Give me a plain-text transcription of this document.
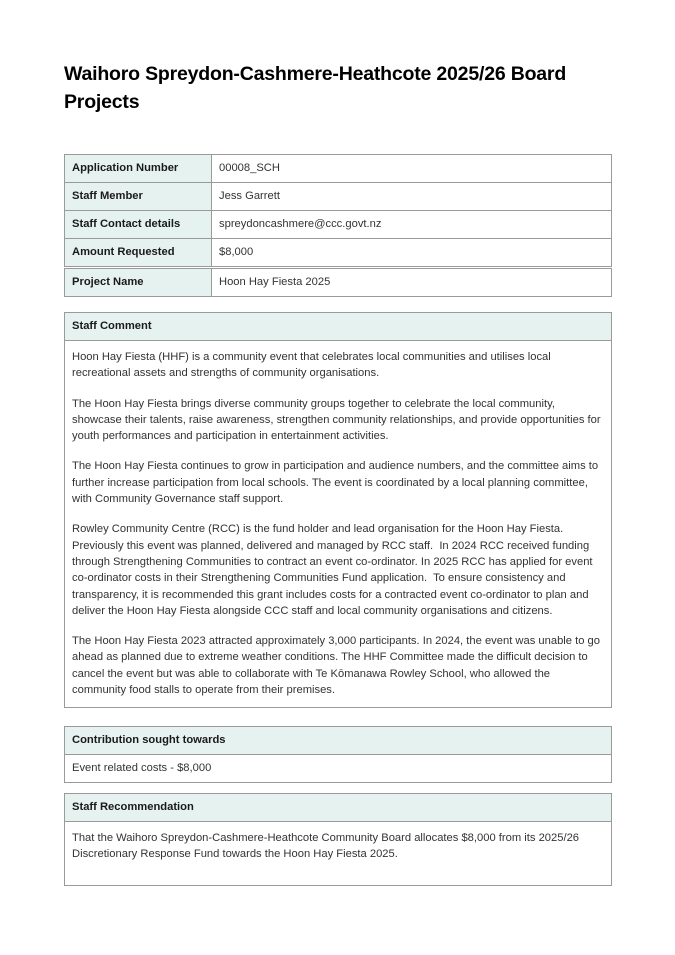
Waihoro Spreydon-Cashmere-Heathcote 2025/26 Board Projects
Application Number	00008_SCH
Staff Member	Jess Garrett
Staff Contact details	spreydoncashmere@ccc.govt.nz
Amount Requested	$8,000
Project Name	Hoon Hay Fiesta 2025
Staff Comment

Hoon Hay Fiesta (HHF) is a community event that celebrates local communities and utilises local recreational assets and strengths of community organisations.

The Hoon Hay Fiesta brings diverse community groups together to celebrate the local community, showcase their talents, raise awareness, strengthen community relationships, and provide opportunities for youth performances and participation in entertainment activities.

The Hoon Hay Fiesta continues to grow in participation and audience numbers, and the committee aims to further increase participation from local schools. The event is coordinated by a local planning committee, with Community Governance staff support.

Rowley Community Centre (RCC) is the fund holder and lead organisation for the Hoon Hay Fiesta. Previously this event was planned, delivered and managed by RCC staff.  In 2024 RCC received funding through Strengthening Communities to contract an event co-ordinator. In 2025 RCC has applied for event co-ordinator costs in their Strengthening Communities Fund application.  To ensure consistency and transparency, it is recommended this grant includes costs for a contracted event co-ordinator to plan and deliver the Hoon Hay Fiesta alongside CCC staff and local community organisations and citizens.

The Hoon Hay Fiesta 2023 attracted approximately 3,000 participants. In 2024, the event was unable to go ahead as planned due to extreme weather conditions. The HHF Committee made the difficult decision to cancel the event but was able to collaborate with Te Kōmanawa Rowley School, who allowed the community food stalls to operate from their premises.

Contribution sought towards

Event related costs - $8,000

Staff Recommendation

That the Waihoro Spreydon-Cashmere-Heathcote Community Board allocates $8,000 from its 2025/26 Discretionary Response Fund towards the Hoon Hay Fiesta 2025.
